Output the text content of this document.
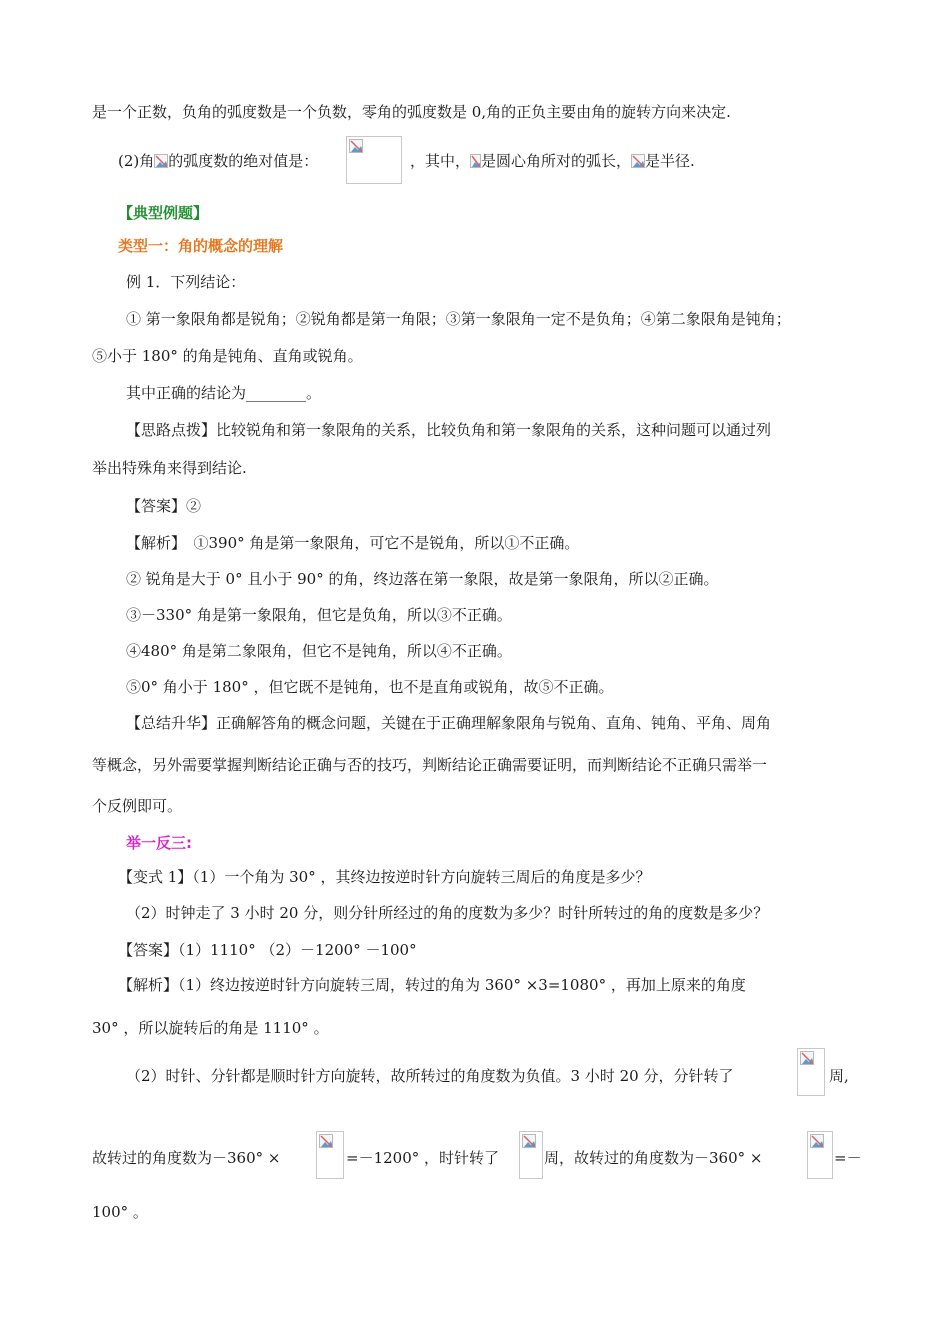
是一个正数，负角的弧度数是一个负数，零角的弧度数是 0,角的正负主要由角的旋转方向来决定.
(2)角 的弧度数的绝对值是：	，其中， 是圆心角所对的弧长， 是半径.
【典型例题】
类型一：角的概念的理解
例 1．下列结论：
① 第一象限角都是锐角；②锐角都是第一角限；③第一象限角一定不是负角；④第二象限角是钝角；
⑤小于 180° 的角是钝角、直角或锐角。
其中正确的结论为________。
【思路点拨】比较锐角和第一象限角的关系，比较负角和第一象限角的关系，这种问题可以通过列
举出特殊角来得到结论.
【答案】②
【解析】　①390° 角是第一象限角，可它不是锐角，所以①不正确。
② 锐角是大于 0° 且小于 90° 的角，终边落在第一象限，故是第一象限角，所以②正确。
③－330° 角是第一象限角，但它是负角，所以③不正确。
④480° 角是第二象限角，但它不是钝角，所以④不正确。
⑤0° 角小于 180° ，但它既不是钝角，也不是直角或锐角，故⑤不正确。
【总结升华】正确解答角的概念问题，关键在于正确理解象限角与锐角、直角、钝角、平角、周角
等概念，另外需要掌握判断结论正确与否的技巧，判断结论正确需要证明，而判断结论不正确只需举一
个反例即可。
举一反三:
【变式 1】（1）一个角为 30° ，其终边按逆时针方向旋转三周后的角度是多少？
（2）时钟走了 3 小时 20 分，则分针所经过的角的度数为多少？时针所转过的角的度数是多少？
【答案】（1）1110° （2）－1200° －100°
【解析】（1）终边按逆时针方向旋转三周，转过的角为 360° ×3=1080° ，再加上原来的角度
30° ，所以旋转后的角是 1110° 。
（2）时针、分针都是顺时针方向旋转，故所转过的角度数为负值。3 小时 20 分，分针转了	周,
故转过的角度数为－360° ×	=－1200° ，时针转了	周，故转过的角度数为－360° ×	=－
100° 。
